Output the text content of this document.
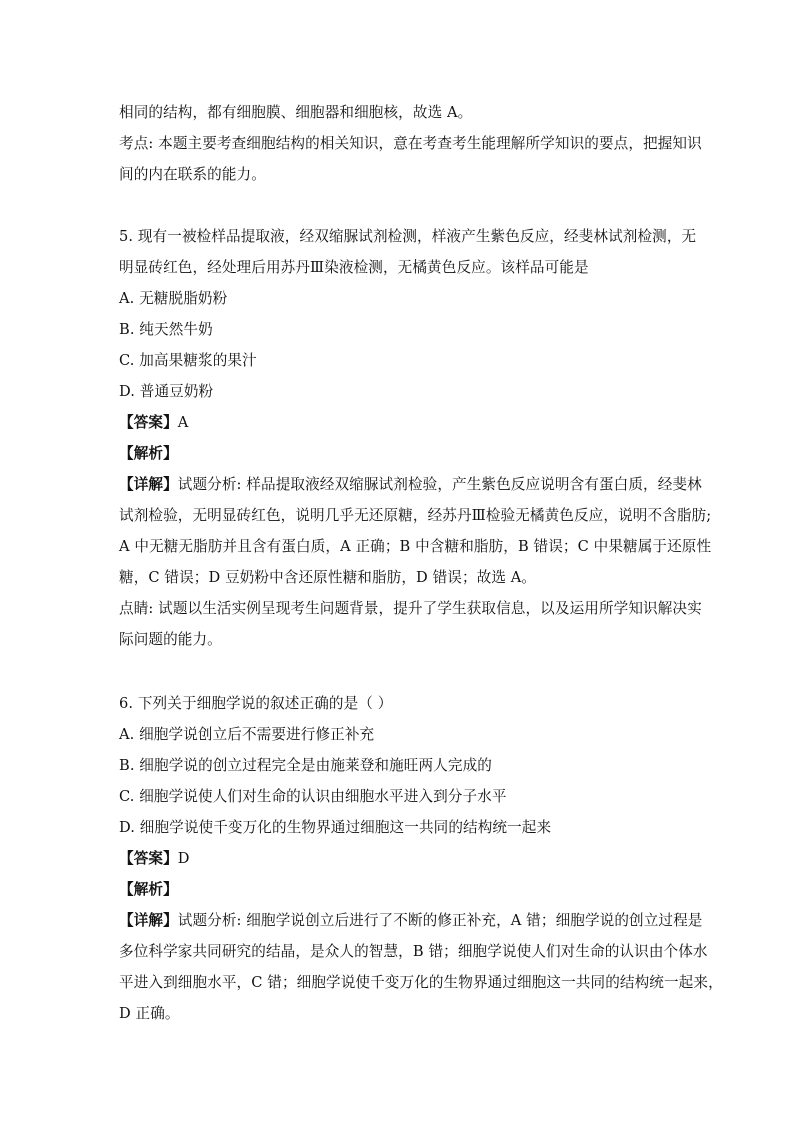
相同的结构，都有细胞膜、细胞器和细胞核，故选 A。
考点: 本题主要考查细胞结构的相关知识，意在考查考生能理解所学知识的要点，把握知识
间的内在联系的能力。
5. 现有一被检样品提取液，经双缩脲试剂检测，样液产生紫色反应，经斐林试剂检测，无
明显砖红色，经处理后用苏丹Ⅲ染液检测，无橘黄色反应。该样品可能是
A. 无糖脱脂奶粉
B. 纯天然牛奶
C. 加高果糖浆的果汁
D. 普通豆奶粉
【答案】A
【解析】
【详解】试题分析: 样品提取液经双缩脲试剂检验，产生紫色反应说明含有蛋白质，经斐林
试剂检验，无明显砖红色，说明几乎无还原糖，经苏丹Ⅲ检验无橘黄色反应，说明不含脂肪;
A 中无糖无脂肪并且含有蛋白质，A 正确；B 中含糖和脂肪，B 错误；C 中果糖属于还原性
糖，C 错误；D 豆奶粉中含还原性糖和脂肪，D 错误；故选 A。
点睛: 试题以生活实例呈现考生问题背景，提升了学生获取信息，以及运用所学知识解决实
际问题的能力。
6. 下列关于细胞学说的叙述正确的是（ ）
A. 细胞学说创立后不需要进行修正补充
B. 细胞学说的创立过程完全是由施莱登和施旺两人完成的
C. 细胞学说使人们对生命的认识由细胞水平进入到分子水平
D. 细胞学说使千变万化的生物界通过细胞这一共同的结构统一起来
【答案】D
【解析】
【详解】试题分析: 细胞学说创立后进行了不断的修正补充，A 错；细胞学说的创立过程是
多位科学家共同研究的结晶，是众人的智慧，B 错；细胞学说使人们对生命的认识由个体水
平进入到细胞水平，C 错；细胞学说使千变万化的生物界通过细胞这一共同的结构统一起来，
D 正确。
